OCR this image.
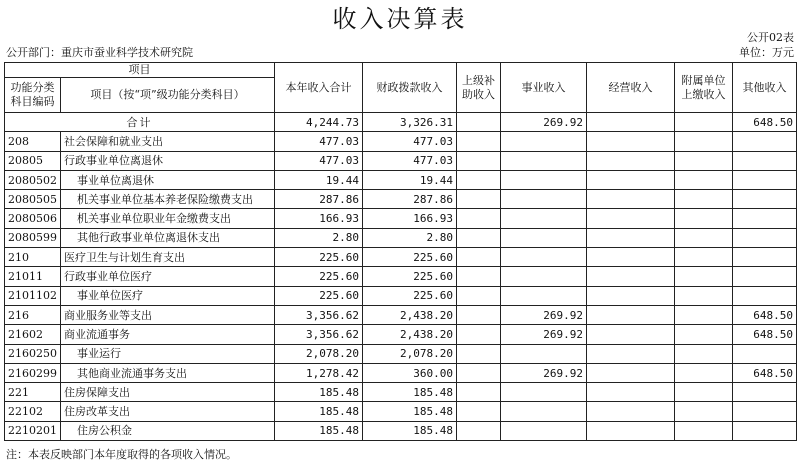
收入决算表
公开02表
公开部门：重庆市蚕业科学技术研究院	单位：万元
项目		本年收入合计	财政拨款收入	上级补助收入	事业收入	经营收入	附属单位上缴收入	其他收入
功能分类科目编码	项目（按“项”级功能分类科目）							
合计		4,244.73	3,326.31		269.92			648.50
208	社会保障和就业支出	477.03	477.03					
20805	行政事业单位离退休	477.03	477.03					
2080502	事业单位离退休	19.44	19.44					
2080505	机关事业单位基本养老保险缴费支出	287.86	287.86					
2080506	机关事业单位职业年金缴费支出	166.93	166.93					
2080599	其他行政事业单位离退休支出	2.80	2.80					
210	医疗卫生与计划生育支出	225.60	225.60					
21011	行政事业单位医疗	225.60	225.60					
2101102	事业单位医疗	225.60	225.60					
216	商业服务业等支出	3,356.62	2,438.20		269.92			648.50
21602	商业流通事务	3,356.62	2,438.20		269.92			648.50
2160250	事业运行	2,078.20	2,078.20					
2160299	其他商业流通事务支出	1,278.42	360.00		269.92			648.50
221	住房保障支出	185.48	185.48					
22102	住房改革支出	185.48	185.48					
2210201	住房公积金	185.48	185.48					
注：本表反映部门本年度取得的各项收入情况。
